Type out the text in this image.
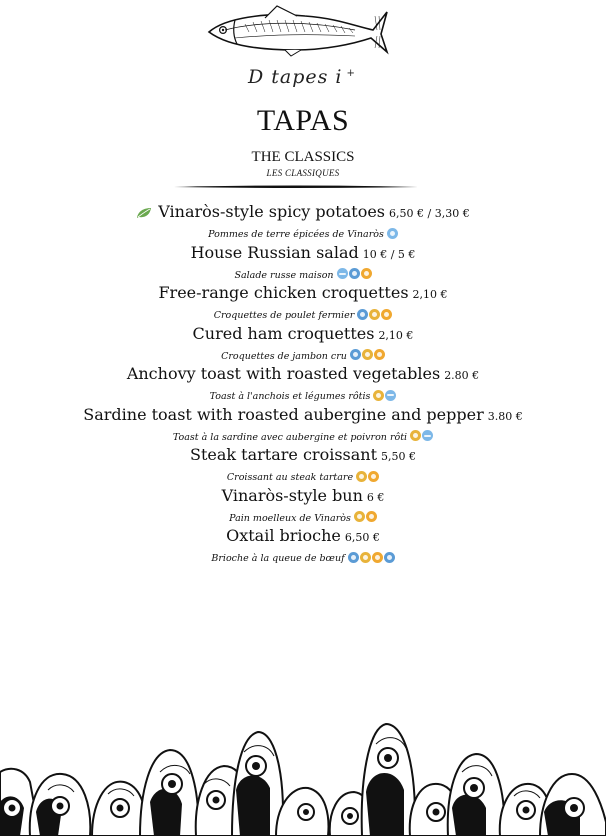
D tapes i +
TAPAS
THE CLASSICS
LES CLASSIQUES
Vinaròs-style spicy potatoes 6,50 € / 3,30 €
Pommes de terre épicées de Vinaròs
House Russian salad 10 € / 5 €
Salade russe maison
Free-range chicken croquettes 2,10 €
Croquettes de poulet fermier
Cured ham croquettes 2,10 €
Croquettes de jambon cru
Anchovy toast with roasted vegetables 2.80 €
Toast à l'anchois et légumes rôtis
Sardine toast with roasted aubergine and pepper 3.80 €
Toast à la sardine avec aubergine et poivron rôti
Steak tartare croissant 5,50 €
Croissant au steak tartare
Vinaròs-style bun 6 €
Pain moelleux de Vinaròs
Oxtail brioche 6,50 €
Brioche à la queue de bœuf
